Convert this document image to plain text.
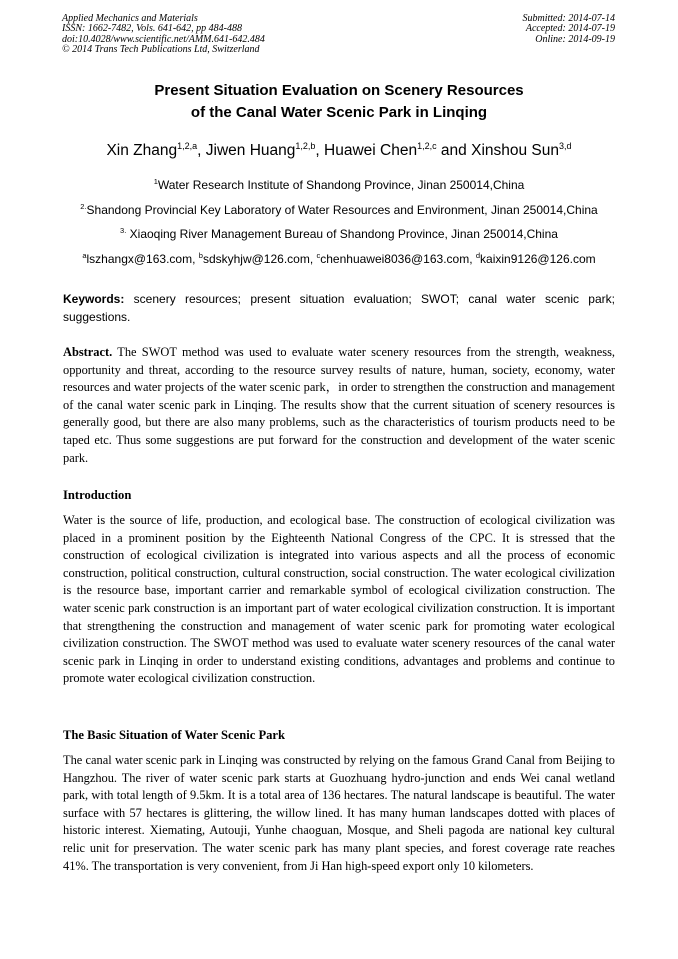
Applied Mechanics and Materials
ISSN: 1662-7482, Vols. 641-642, pp 484-488
doi:10.4028/www.scientific.net/AMM.641-642.484
© 2014 Trans Tech Publications Ltd, Switzerland
Submitted: 2014-07-14
Accepted: 2014-07-19
Online: 2014-09-19
Present Situation Evaluation on Scenery Resources
of the Canal Water Scenic Park in Linqing
Xin Zhang$^{1,2,a}$, Jiwen Huang$^{1,2,b}$, Huawei Chen$^{1,2,c}$ and Xinshou Sun$^{3,d}$
$^1$Water Research Institute of Shandong Province, Jinan 250014,China
$^{2.}$Shandong Provincial Key Laboratory of Water Resources and Environment, Jinan 250014,China
$^{3.}$ Xiaoqing River Management Bureau of Shandong Province, Jinan 250014,China
$^a$lszhangx@163.com, $^b$sdskyhjw@126.com, $^c$chenhuawei8036@163.com, $^d$kaixin9126@126.com
Keywords: scenery resources; present situation evaluation; SWOT; canal water scenic park; suggestions.
Abstract. The SWOT method was used to evaluate water scenery resources from the strength, weakness, opportunity and threat, according to the resource survey results of nature, human, society, economy, water resources and water projects of the water scenic park，in order to strengthen the construction and management of the canal water scenic park in Linqing. The results show that the current situation of scenery resources is generally good, but there are also many problems, such as the characteristics of tourism products need to be taped etc. Thus some suggestions are put forward for the construction and development of the water scenic park.
Introduction
Water is the source of life, production, and ecological base. The construction of ecological civilization was placed in a prominent position by the Eighteenth National Congress of the CPC. It is stressed that the construction of ecological civilization is integrated into various aspects and all the process of economic construction, political construction, cultural construction, social construction. The water ecological civilization is the resource base, important carrier and remarkable symbol of ecological civilization construction. The water scenic park construction is an important part of water ecological civilization construction. It is important that strengthening the construction and management of water scenic park for promoting water ecological civilization construction. The SWOT method was used to evaluate water scenery resources of the canal water scenic park in Linqing in order to understand existing conditions, advantages and problems and continue to promote water ecological civilization construction.
The Basic Situation of Water Scenic Park
The canal water scenic park in Linqing was constructed by relying on the famous Grand Canal from Beijing to Hangzhou. The river of water scenic park starts at Guozhuang hydro-junction and ends Wei canal wetland park, with total length of 9.5km. It is a total area of 136 hectares. The natural landscape is beautiful. The water surface with 57 hectares is glittering, the willow lined. It has many human landscapes dotted with places of historic interest. Xiemating, Autouji, Yunhe chaoguan, Mosque, and Sheli pagoda are national key cultural relic unit for preservation. The water scenic park has many plant species, and forest coverage rate reaches 41%. The transportation is very convenient, from Ji Han high-speed export only 10 kilometers.
